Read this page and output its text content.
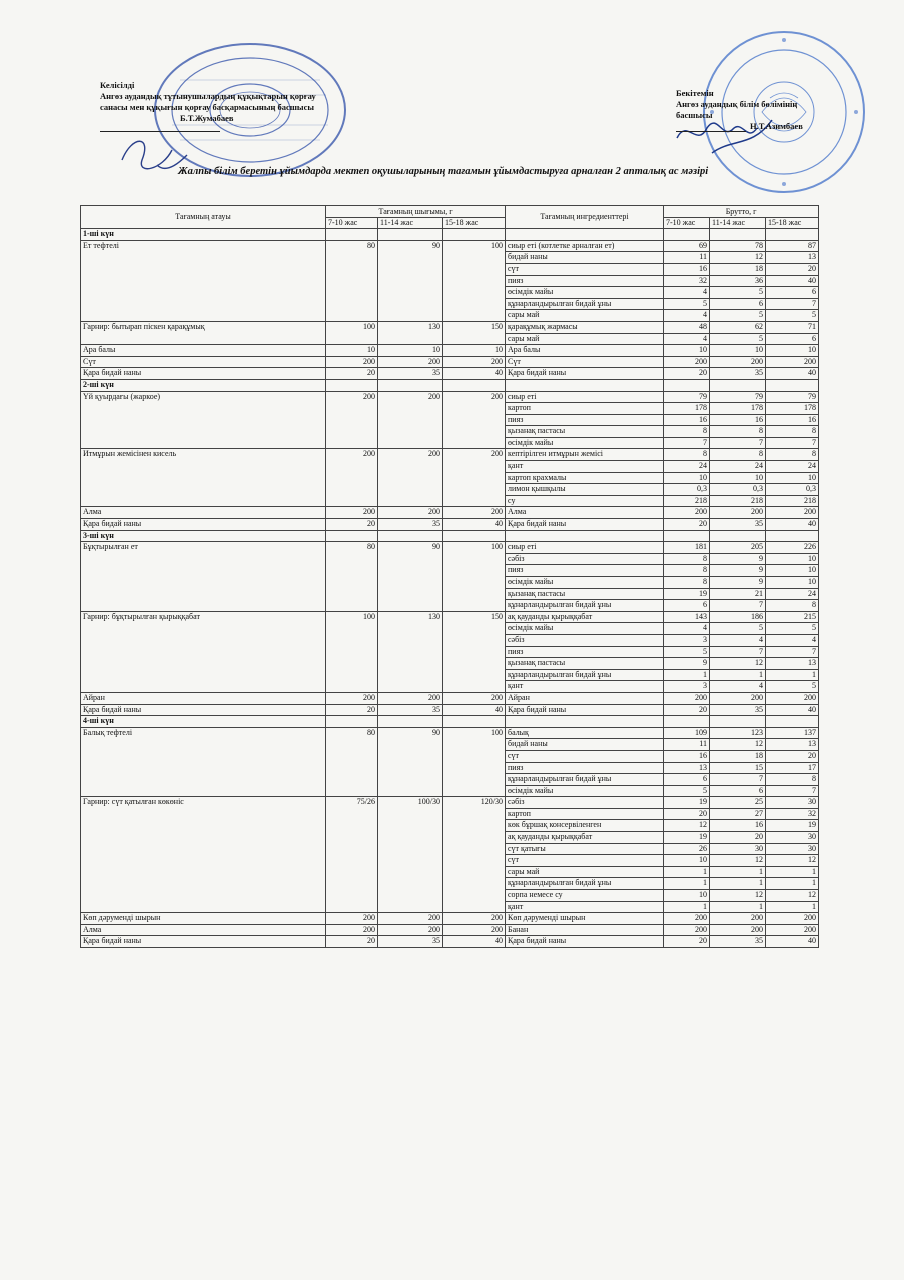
Келісілді
Ангөз аудандық тұтынушылардың құқықтарын қорғау
санасы мен құқығын қорғау басқармасының басшысы
Б.Т.Жумабаев
Бекітемін
Ангөз аудандық білім бөлімінің
басшысы
Н.Т.Азимбаев
Жалпы білім беретін ұйымдарда мектеп оқушыларының тағамын ұйымдастыруға арналған 2 апталық ас мәзірі
Тағамның атауы	Тағамның шығымы, г			Тағамның ингредиенттері	Брутто, г		
	7-10 жас	11-14 жас	15-18 жас		7-10 жас	11-14 жас	15-18 жас
1-ші күн							
Ет тефтелі	80	90	100	сиыр еті (котлетке арналған ет)	69	78	87
				бидай наны	11	12	13
				сүт	16	18	20
				пияз	32	36	40
				өсімдік майы	4	5	6
				құнарландырылған бидай ұны	5	6	7
				сары май	4	5	5
Гарнир: бытырап піскен қарақұмық	100	130	150	қарақұмық жармасы	48	62	71
				сары май	4	5	6
Ара балы	10	10	10	Ара балы	10	10	10
Сүт	200	200	200	Сүт	200	200	200
Қара бидай наны	20	35	40	Қара бидай наны	20	35	40
2-ші күн							
Үй қуырдағы (жаркое)	200	200	200	сиыр еті	79	79	79
				картоп	178	178	178
				пияз	16	16	16
				қызанақ пастасы	8	8	8
				өсімдік майы	7	7	7
Итмұрын жемісінен кисель	200	200	200	кептірілген итмұрын жемісі	8	8	8
				қант	24	24	24
				картоп крахмалы	10	10	10
				лимон қышқылы	0,3	0,3	0,3
				су	218	218	218
Алма	200	200	200	Алма	200	200	200
Қара бидай наны	20	35	40	Қара бидай наны	20	35	40
3-ші күн							
Бұқтырылған ет	80	90	100	сиыр еті	181	205	226
				сәбіз	8	9	10
				пияз	8	9	10
				өсімдік майы	8	9	10
				қызанақ пастасы	19	21	24
				құнарландырылған бидай ұны	6	7	8
Гарнир: бұқтырылған қырыққабат	100	130	150	ақ қауданды қырыққабат	143	186	215
				өсімдік майы	4	5	5
				сәбіз	3	4	4
				пияз	5	7	7
				қызанақ пастасы	9	12	13
				құнарландырылған бидай ұны	1	1	1
				қант	3	4	5
Айран	200	200	200	Айран	200	200	200
Қара бидай наны	20	35	40	Қара бидай наны	20	35	40
4-ші күн							
Балық тефтелі	80	90	100	балық	109	123	137
				бидай наны	11	12	13
				сүт	16	18	20
				пияз	13	15	17
				құнарландырылған бидай ұны	6	7	8
				өсімдік майы	5	6	7
Гарнир: сүт қатылған көкөніс	75/26	100/30	120/30	сәбіз	19	25	30
				картоп	20	27	32
				көк бұршақ консервіленген	12	16	19
				ақ қауданды қырыққабат	19	20	30
				сүт қатығы	26	30	30
				сүт	10	12	12
				сары май	1	1	1
				құнарландырылған бидай ұны	1	1	1
				сорпа немесе су	10	12	12
				қант	1	1	1
Көп дәруменді шырын	200	200	200	Көп дәруменді шырын	200	200	200
Алма	200	200	200	Банан	200	200	200
Қара бидай наны	20	35	40	Қара бидай наны	20	35	40
